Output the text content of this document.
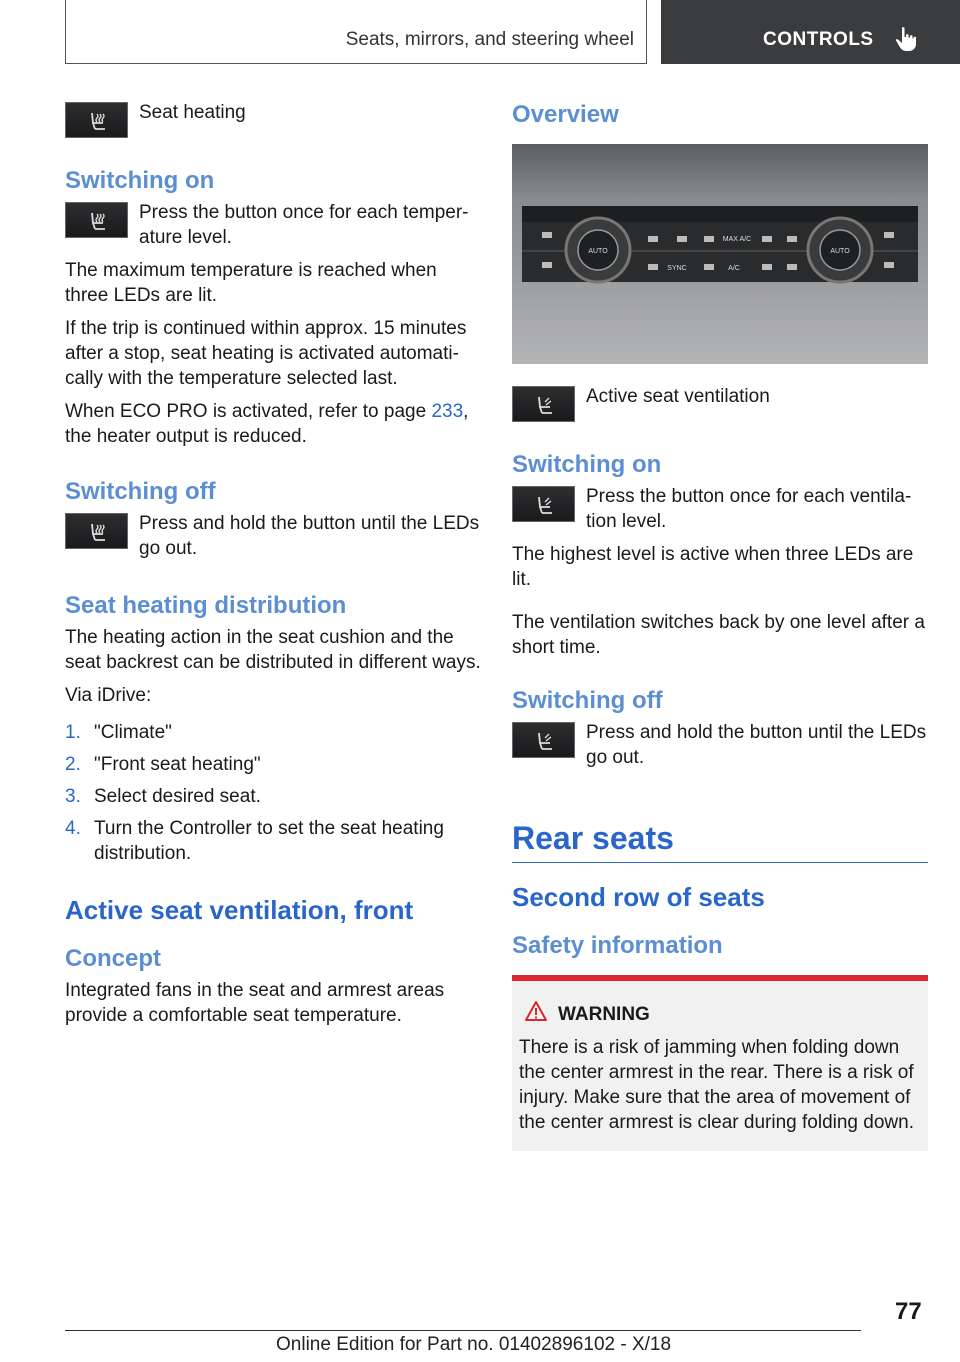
Seats, mirrors, and steering wheel	CONTROLS
Seat heating
Switching on
Press the button once for each temper‐ature level.

The maximum temperature is reached when three LEDs are lit.

If the trip is continued within approx. 15 minutes after a stop, seat heating is activated automati‐cally with the temperature selected last.

When ECO PRO is activated, refer to page 233, the heater output is reduced.

Switching off
Press and hold the button until the LEDs go out.
Seat heating distribution

The heating action in the seat cushion and the seat backrest can be distributed in different ways.

Via iDrive:

1. "Climate"
2. "Front seat heating"
3. Select desired seat.
4. Turn the Controller to set the seat heating distribution.
Active seat ventilation, front
Concept

Integrated fans in the seat and armrest areas provide a comfortable seat temperature.

Overview
AUTO	AUTO
MAX A/C
SYNC	A/C
Active seat ventilation
Switching on
Press the button once for each ventila‐tion level.

The highest level is active when three LEDs are lit.

The ventilation switches back by one level after a short time.

Switching off
Press and hold the button until the LEDs go out.
Rear seats
Second row of seats
Safety information
WARNING
There is a risk of jamming when folding down the center armrest in the rear. There is a risk of injury. Make sure that the area of movement of the center armrest is clear during folding down.
77
Online Edition for Part no. 01402896102 - X/18
